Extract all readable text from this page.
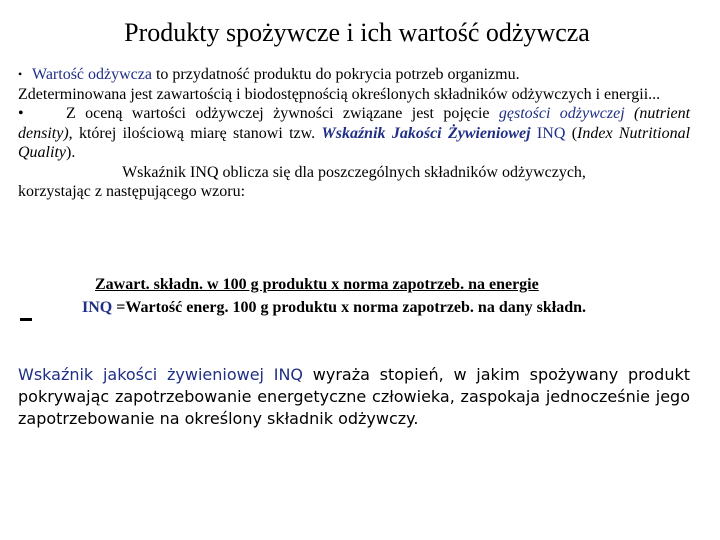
Produkty spożywcze i ich wartość odżywcza

• Wartość odżywcza to przydatność produktu do pokrycia potrzeb organizmu.
Zdeterminowana jest zawartością i biodostępnością określonych składników odżywczych i energii...

•	Z oceną wartości odżywczej żywności związane jest pojęcie gęstości odżywczej (nutrient density), której ilościową miarę stanowi tzw. Wskaźnik Jakości Żywieniowej INQ (Index Nutritional Quality).

Wskaźnik INQ oblicza się dla poszczególnych składników odżywczych,

korzystając z następującego wzoru:

Zawart. składn. w 100 g produktu x norma zapotrzeb. na energie
INQ =Wartość energ. 100 g produktu x norma zapotrzeb. na dany składn.
Wskaźnik jakości żywieniowej INQ wyraża stopień, w jakim spożywany produkt pokrywając zapotrzebowanie energetyczne człowieka, zaspokaja jednocześnie jego zapotrzebowanie na określony składnik odżywczy.
